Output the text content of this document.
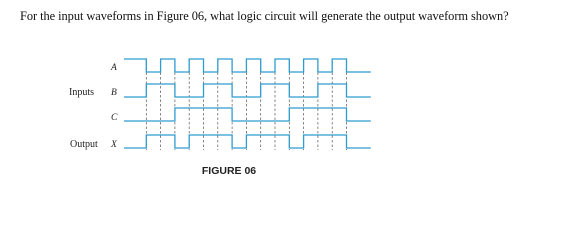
For the input waveforms in Figure 06, what logic circuit will generate the output waveform shown?
Inputs
Output
A
B
C
X
FIGURE 06
